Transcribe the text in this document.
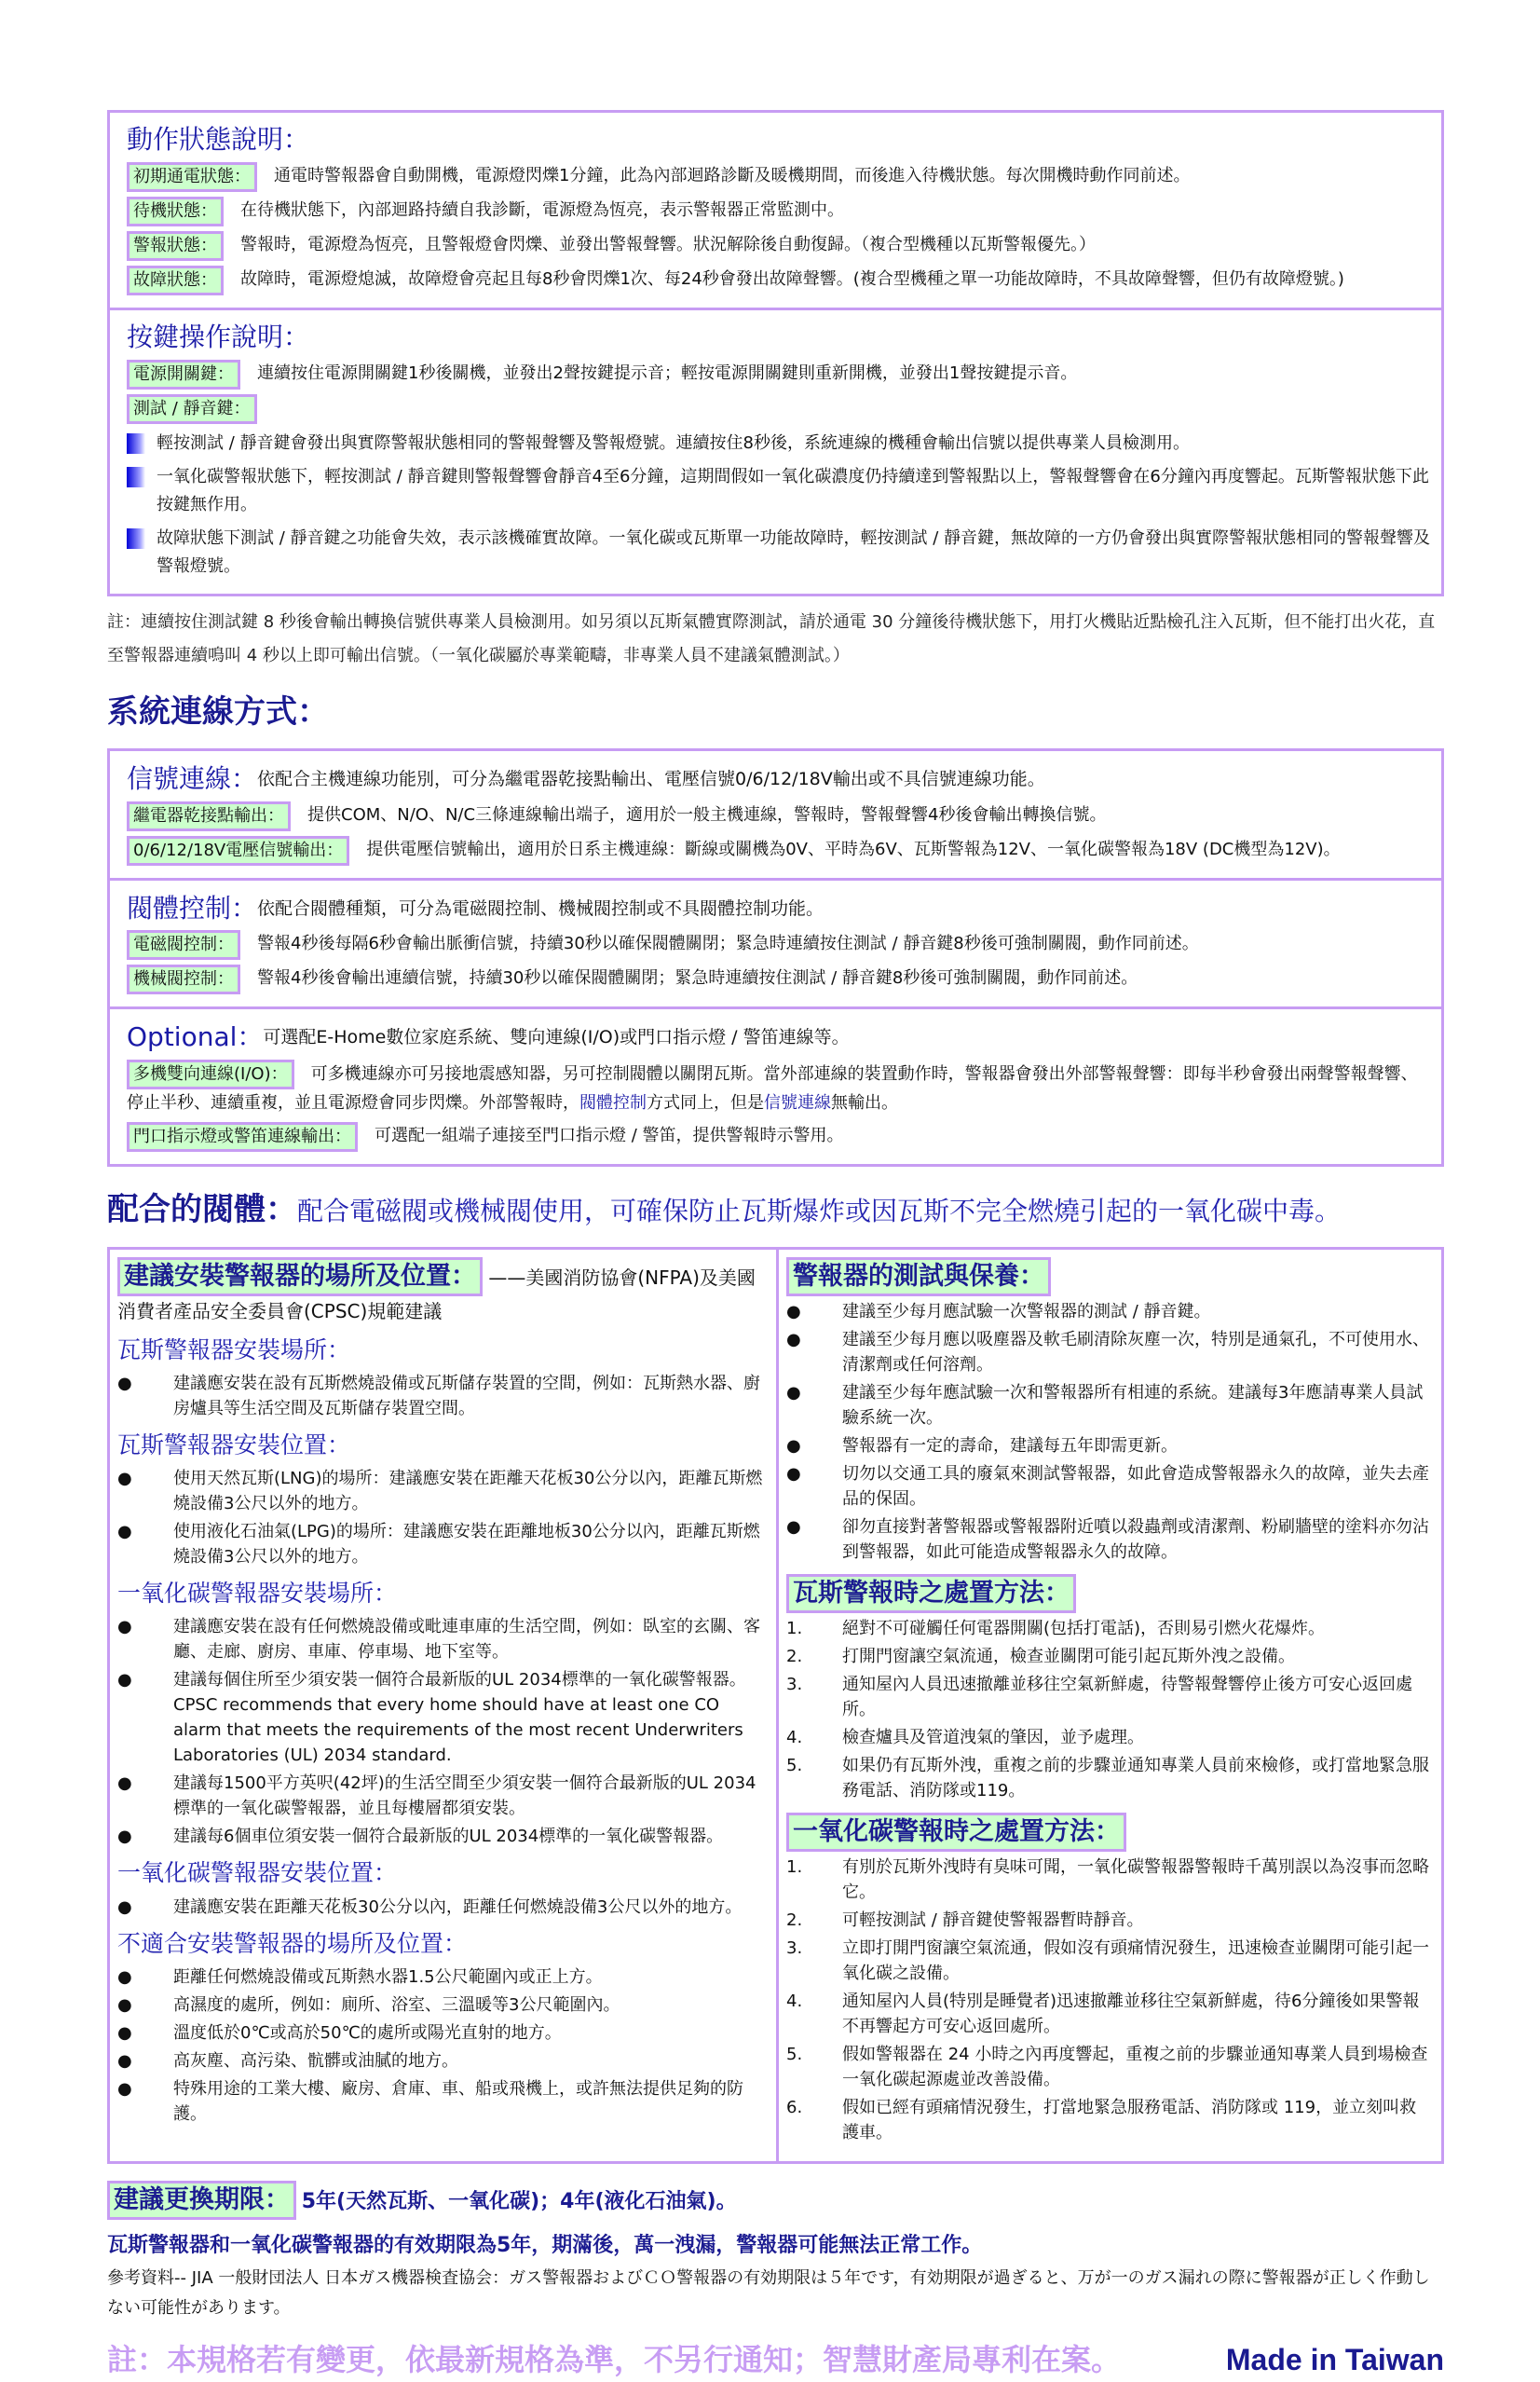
動作狀態說明：
初期通電狀態：	通電時警報器會自動開機，電源燈閃爍1分鐘，此為內部迴路診斷及暖機期間，而後進入待機狀態。每次開機時動作同前述。
待機狀態：	在待機狀態下，內部迴路持續自我診斷，電源燈為恆亮，表示警報器正常監測中。
警報狀態：	警報時，電源燈為恆亮，且警報燈會閃爍、並發出警報聲響。狀況解除後自動復歸。（複合型機種以瓦斯警報優先。）
故障狀態：	故障時，電源燈熄滅，故障燈會亮起且每8秒會閃爍1次、每24秒會發出故障聲響。(複合型機種之單一功能故障時，不具故障聲響，但仍有故障燈號。)
按鍵操作說明：
電源開關鍵：	連續按住電源開關鍵1秒後關機，並發出2聲按鍵提示音；輕按電源開關鍵則重新開機，並發出1聲按鍵提示音。
測試 / 靜音鍵：
輕按測試 / 靜音鍵會發出與實際警報狀態相同的警報聲響及警報燈號。連續按住8秒後，系統連線的機種會輸出信號以提供專業人員檢測用。
一氧化碳警報狀態下，輕按測試 / 靜音鍵則警報聲響會靜音4至6分鐘，這期間假如一氧化碳濃度仍持續達到警報點以上，警報聲響會在6分鐘內再度響起。瓦斯警報狀態下此按鍵無作用。
故障狀態下測試 / 靜音鍵之功能會失效，表示該機確實故障。一氧化碳或瓦斯單一功能故障時，輕按測試 / 靜音鍵，無故障的一方仍會發出與實際警報狀態相同的警報聲響及警報燈號。
註：連續按住測試鍵 8 秒後會輸出轉換信號供專業人員檢測用。如另須以瓦斯氣體實際測試，請於通電 30 分鐘後待機狀態下，用打火機貼近點檢孔注入瓦斯，但不能打出火花，直至警報器連續鳴叫 4 秒以上即可輸出信號。（一氧化碳屬於專業範疇，非專業人員不建議氣體測試。）
系統連線方式：
信號連線： 依配合主機連線功能別，可分為繼電器乾接點輸出、電壓信號0/6/12/18V輸出或不具信號連線功能。
繼電器乾接點輸出：	提供COM、N/O、N/C三條連線輸出端子，適用於一般主機連線，警報時，警報聲響4秒後會輸出轉換信號。
0/6/12/18V電壓信號輸出：	提供電壓信號輸出，適用於日系主機連線：斷線或關機為0V、平時為6V、瓦斯警報為12V、一氧化碳警報為18V (DC機型為12V)。
閥體控制： 依配合閥體種類，可分為電磁閥控制、機械閥控制或不具閥體控制功能。
電磁閥控制：	警報4秒後每隔6秒會輸出脈衝信號，持續30秒以確保閥體關閉；緊急時連續按住測試 / 靜音鍵8秒後可強制關閥，動作同前述。
機械閥控制：	警報4秒後會輸出連續信號，持續30秒以確保閥體關閉；緊急時連續按住測試 / 靜音鍵8秒後可強制關閥，動作同前述。
Optional： 可選配E-Home數位家庭系統、雙向連線(I/O)或門口指示燈 / 警笛連線等。
多機雙向連線(I/O)： 可多機連線亦可另接地震感知器，另可控制閥體以關閉瓦斯。當外部連線的裝置動作時，警報器會發出外部警報聲響：即每半秒會發出兩聲警報聲響、停止半秒、連續重複，並且電源燈會同步閃爍。外部警報時，閥體控制方式同上，但是信號連線無輸出。
門口指示燈或警笛連線輸出：	可選配一組端子連接至門口指示燈 / 警笛，提供警報時示警用。
配合的閥體：配合電磁閥或機械閥使用，可確保防止瓦斯爆炸或因瓦斯不完全燃燒引起的一氧化碳中毒。
建議安裝警報器的場所及位置： ——美國消防協會(NFPA)及美國消費者產品安全委員會(CPSC)規範建議
瓦斯警報器安裝場所：
●	建議應安裝在設有瓦斯燃燒設備或瓦斯儲存裝置的空間，例如：瓦斯熱水器、廚房爐具等生活空間及瓦斯儲存裝置空間。
瓦斯警報器安裝位置：
●	使用天然瓦斯(LNG)的場所：建議應安裝在距離天花板30公分以內，距離瓦斯燃燒設備3公尺以外的地方。
●	使用液化石油氣(LPG)的場所：建議應安裝在距離地板30公分以內，距離瓦斯燃燒設備3公尺以外的地方。
一氧化碳警報器安裝場所：
●	建議應安裝在設有任何燃燒設備或毗連車庫的生活空間，例如：臥室的玄關、客廳、走廊、廚房、車庫、停車場、地下室等。
●	建議每個住所至少須安裝一個符合最新版的UL 2034標準的一氧化碳警報器。 CPSC recommends that every home should have at least one CO alarm that meets the requirements of the most recent Underwriters Laboratories (UL) 2034 standard.
●	建議每1500平方英呎(42坪)的生活空間至少須安裝一個符合最新版的UL 2034標準的一氧化碳警報器，並且每樓層都須安裝。
●	建議每6個車位須安裝一個符合最新版的UL 2034標準的一氧化碳警報器。
一氧化碳警報器安裝位置：
●	建議應安裝在距離天花板30公分以內，距離任何燃燒設備3公尺以外的地方。
不適合安裝警報器的場所及位置：
●	距離任何燃燒設備或瓦斯熱水器1.5公尺範圍內或正上方。
●	高濕度的處所，例如：廁所、浴室、三溫暖等3公尺範圍內。
●	溫度低於0℃或高於50℃的處所或陽光直射的地方。
●	高灰塵、高污染、骯髒或油膩的地方。
●	特殊用途的工業大樓、廠房、倉庫、車、船或飛機上，或許無法提供足夠的防護。
警報器的測試與保養：
●	建議至少每月應試驗一次警報器的測試 / 靜音鍵。
●	建議至少每月應以吸塵器及軟毛刷清除灰塵一次，特別是通氣孔，不可使用水、清潔劑或任何溶劑。
●	建議至少每年應試驗一次和警報器所有相連的系統。建議每3年應請專業人員試驗系統一次。
●	警報器有一定的壽命，建議每五年即需更新。
●	切勿以交通工具的廢氣來測試警報器，如此會造成警報器永久的故障，並失去產品的保固。
●	卻勿直接對著警報器或警報器附近噴以殺蟲劑或清潔劑、粉刷牆壁的塗料亦勿沾到警報器，如此可能造成警報器永久的故障。
瓦斯警報時之處置方法：
1.	絕對不可碰觸任何電器開關(包括打電話)，否則易引燃火花爆炸。
2.	打開門窗讓空氣流通，檢查並關閉可能引起瓦斯外洩之設備。
3.	通知屋內人員迅速撤離並移往空氣新鮮處，待警報聲響停止後方可安心返回處所。
4.	檢查爐具及管道洩氣的肇因，並予處理。
5.	如果仍有瓦斯外洩，重複之前的步驟並通知專業人員前來檢修，或打當地緊急服務電話、消防隊或119。
一氧化碳警報時之處置方法：
1.	有別於瓦斯外洩時有臭味可聞，一氧化碳警報器警報時千萬別誤以為沒事而忽略它。
2.	可輕按測試 / 靜音鍵使警報器暫時靜音。
3.	立即打開門窗讓空氣流通，假如沒有頭痛情況發生，迅速檢查並關閉可能引起一氧化碳之設備。
4.	通知屋內人員(特別是睡覺者)迅速撤離並移往空氣新鮮處，待6分鐘後如果警報不再響起方可安心返回處所。
5.	假如警報器在 24 小時之內再度響起，重複之前的步驟並通知專業人員到場檢查一氧化碳起源處並改善設備。
6.	假如已經有頭痛情況發生，打當地緊急服務電話、消防隊或 119，並立刻叫救護車。
建議更換期限： 5年(天然瓦斯、一氧化碳)；4年(液化石油氣)。
瓦斯警報器和一氧化碳警報器的有效期限為5年，期滿後，萬一洩漏，警報器可能無法正常工作。
參考資料-- JIA 一般財団法人 日本ガス機器検査協会：ガス警報器およびＣＯ警報器の有効期限は５年です，有効期限が過ぎると、万が一のガス漏れの際に警報器が正しく作動しない可能性があります。
註：本規格若有變更，依最新規格為準，不另行通知；智慧財產局專利在案。	Made in Taiwan
